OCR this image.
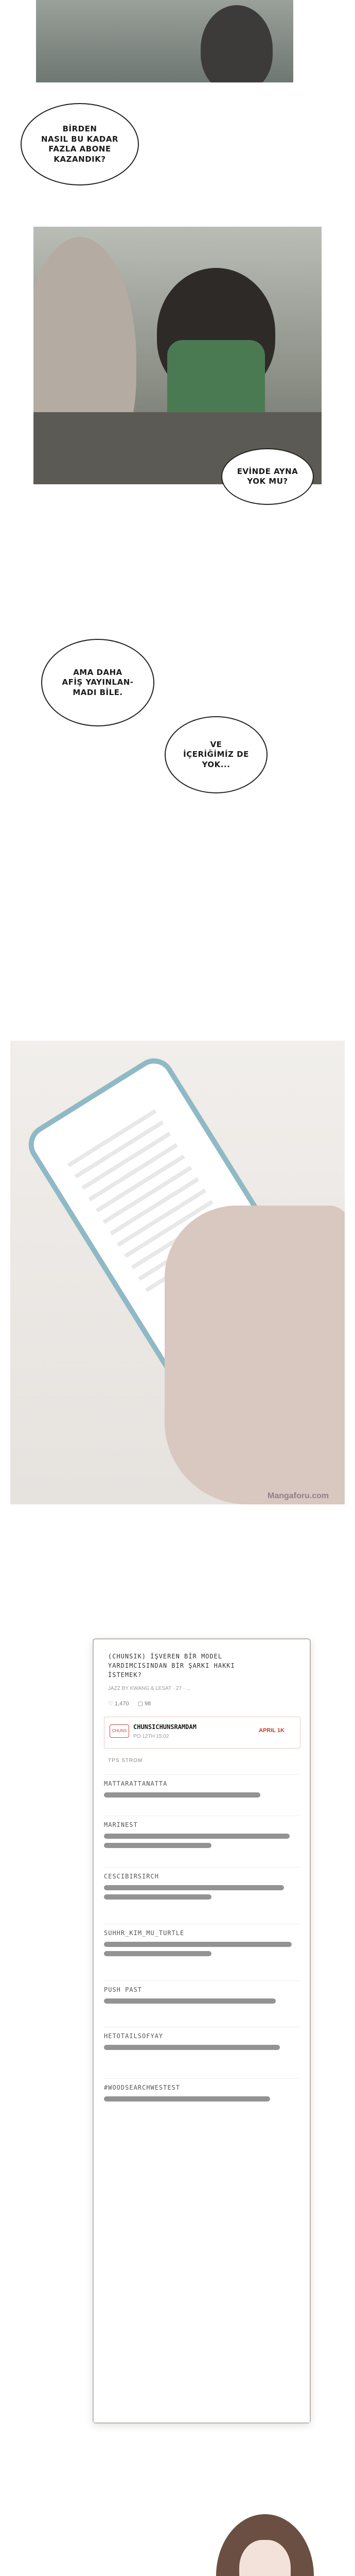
BİRDEN
NASIL BU KADAR
FAZLA ABONE
KAZANDIK?
EVİNDE AYNA
YOK MU?
AMA DAHA
AFİŞ YAYINLAN-
MADI BİLE.
VE
İÇERİĞİMİZ DE
YOK...
Mangaforu.com
(CHUNSIK) İŞVEREN BİR MODEL
YARDIMCISINDAN BİR ŞARKI HAKKI
İSTEMEK?
JAZZ BY KWANG & LESAT · 27 · ...
♡ 1,470 ▢ 98
CHUNS
CHUNSICHUNSRAMDAM
PO 12TH 15:02
APRIL 1K
TPS STROM
MATTARATTANATTA
MARINEST
CESCIBIRSIRCH
SUHHR_KIM_MU_TURTLE
PUSH PAST
HETOTAILSOFYAY
#WOODSEARCHWESTEST
